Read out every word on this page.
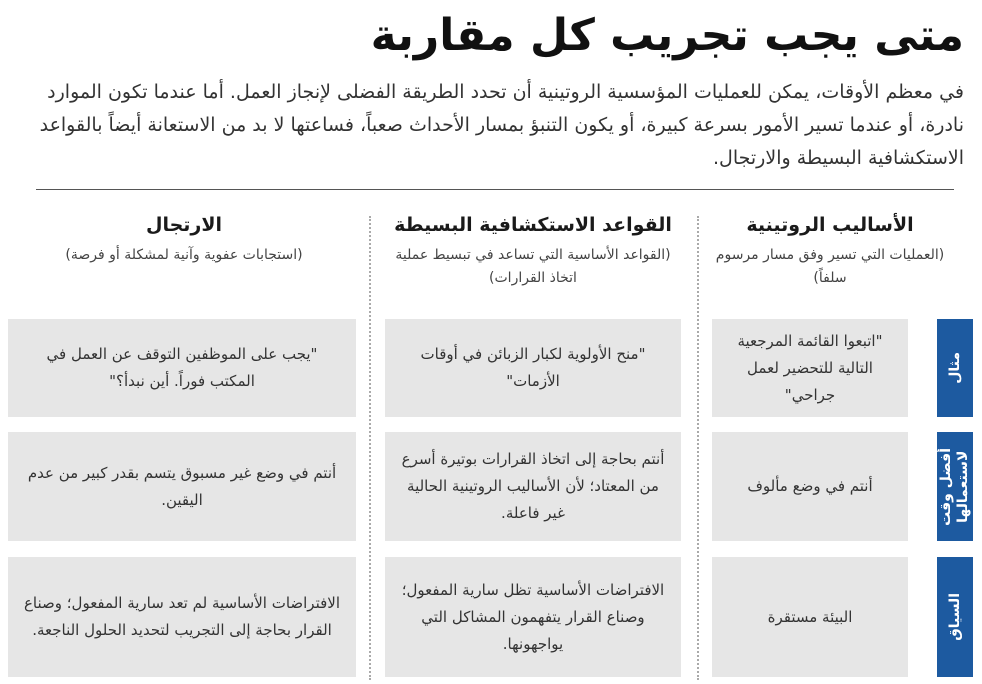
متى يجب تجريب كل مقاربة

في معظم الأوقات، يمكن للعمليات المؤسسية الروتينية أن تحدد الطريقة الفضلى لإنجاز العمل. أما عندما تكون الموارد نادرة، أو عندما تسير الأمور بسرعة كبيرة، أو يكون التنبؤ بمسار الأحداث صعباً، فساعتها لا بد من الاستعانة أيضاً بالقواعد الاستكشافية البسيطة والارتجال.

الأساليب الروتينية
(العمليات التي تسير وفق مسار مرسوم سلفاً)
القواعد الاستكشافية البسيطة
(القواعد الأساسية التي تساعد في تبسيط عملية اتخاذ القرارات)
الارتجال
(استجابات عفوية وآنية لمشكلة أو فرصة)
مثال
"اتبعوا القائمة المرجعية التالية للتحضير لعمل جراحي"
"منح الأولوية لكبار الزبائن في أوقات الأزمات"
"يجب على الموظفين التوقف عن العمل في المكتب فوراً. أين نبدأ؟"
أفضل وقت
لاستعمالها
أنتم في وضع مألوف
أنتم بحاجة إلى اتخاذ القرارات بوتيرة أسرع من المعتاد؛ لأن الأساليب الروتينية الحالية غير فاعلة.
أنتم في وضع غير مسبوق يتسم بقدر كبير من عدم اليقين.
السياق
البيئة مستقرة
الافتراضات الأساسية تظل سارية المفعول؛ وصناع القرار يتفهمون المشاكل التي يواجهونها.
الافتراضات الأساسية لم تعد سارية المفعول؛ وصناع القرار بحاجة إلى التجريب لتحديد الحلول الناجعة.
